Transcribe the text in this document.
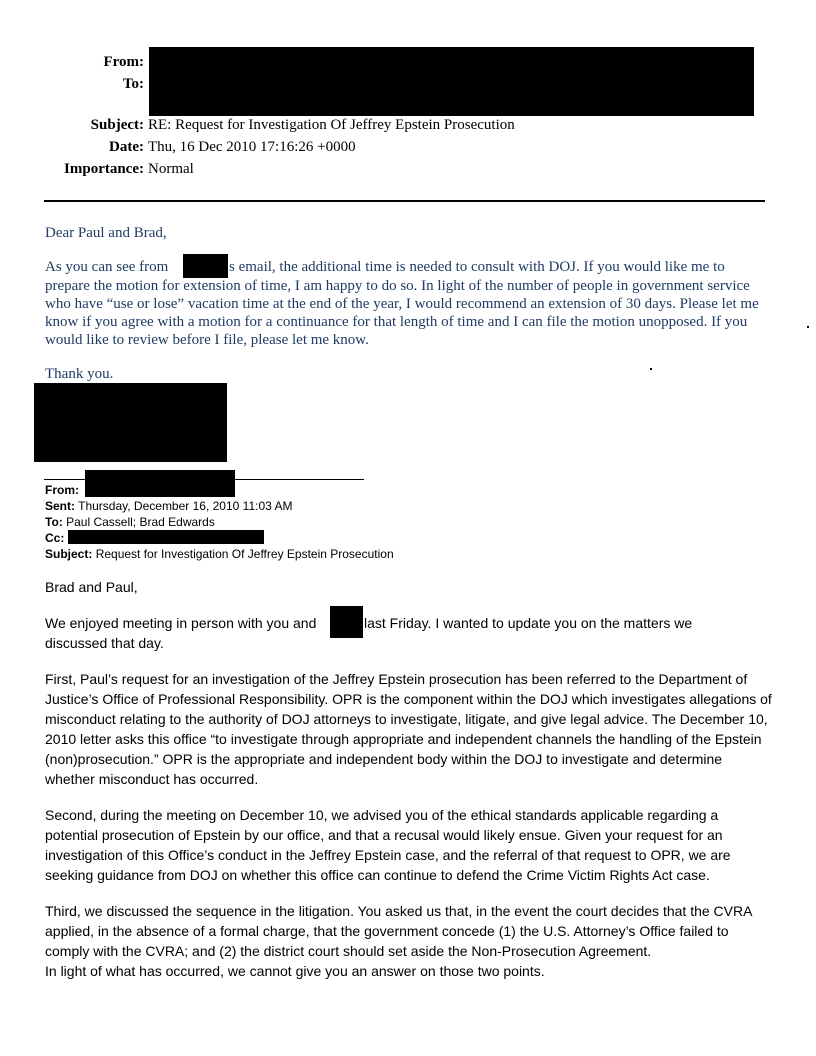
From:
To:
Subject: RE: Request for Investigation Of Jeffrey Epstein Prosecution
Date: Thu, 16 Dec 2010 17:16:26 +0000
Importance: Normal
Dear Paul and Brad,
As you can see from	s email, the additional time is needed to consult with DOJ. If you would like me to
prepare the motion for extension of time, I am happy to do so. In light of the number of people in government service who have “use or lose” vacation time at the end of the year, I would recommend an extension of 30 days. Please let me know if you agree with a motion for a continuance for that length of time and I can file the motion unopposed. If you would like to review before I file, please let me know.
Thank you.
From:
Sent: Thursday, December 16, 2010 11:03 AM
To: Paul Cassell; Brad Edwards
Cc:
Subject: Request for Investigation Of Jeffrey Epstein Prosecution
Brad and Paul,
We enjoyed meeting in person with you and	last Friday. I wanted to update you on the matters we
discussed that day.
First, Paul’s request for an investigation of the Jeffrey Epstein prosecution has been referred to the Department of Justice’s Office of Professional Responsibility. OPR is the component within the DOJ which investigates allegations of misconduct relating to the authority of DOJ attorneys to investigate, litigate, and give legal advice. The December 10, 2010 letter asks this office “to investigate through appropriate and independent channels the handling of the Epstein (non)prosecution.” OPR is the appropriate and independent body within the DOJ to investigate and determine whether misconduct has occurred.
Second, during the meeting on December 10, we advised you of the ethical standards applicable regarding a potential prosecution of Epstein by our office, and that a recusal would likely ensue. Given your request for an investigation of this Office’s conduct in the Jeffrey Epstein case, and the referral of that request to OPR, we are seeking guidance from DOJ on whether this office can continue to defend the Crime Victim Rights Act case.
Third, we discussed the sequence in the litigation. You asked us that, in the event the court decides that the CVRA applied, in the absence of a formal charge, that the government concede (1) the U.S. Attorney’s Office failed to comply with the CVRA; and (2) the district court should set aside the Non-Prosecution Agreement.
In light of what has occurred, we cannot give you an answer on those two points.
